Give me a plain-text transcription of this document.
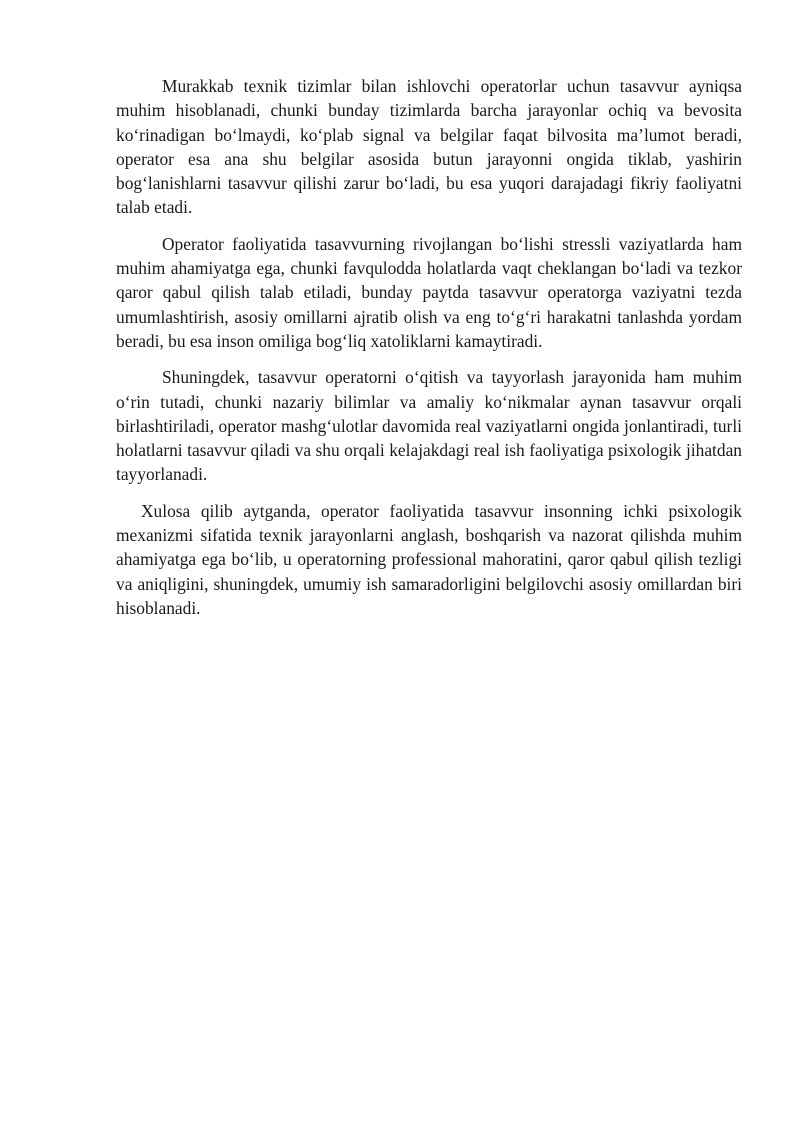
Murakkab texnik tizimlar bilan ishlovchi operatorlar uchun tasavvur ayniqsa muhim hisoblanadi, chunki bunday tizimlarda barcha jarayonlar ochiq va bevosita koʻrinadigan boʻlmaydi, koʻplab signal va belgilar faqat bilvosita maʼlumot beradi, operator esa ana shu belgilar asosida butun jarayonni ongida tiklab, yashirin bogʻlanishlarni tasavvur qilishi zarur boʻladi, bu esa yuqori darajadagi fikriy faoliyatni talab etadi.

Operator faoliyatida tasavvurning rivojlangan boʻlishi stressli vaziyatlarda ham muhim ahamiyatga ega, chunki favqulodda holatlarda vaqt cheklangan boʻladi va tezkor qaror qabul qilish talab etiladi, bunday paytda tasavvur operatorga vaziyatni tezda umumlashtirish, asosiy omillarni ajratib olish va eng toʻgʻri harakatni tanlashda yordam beradi, bu esa inson omiliga bogʻliq xatoliklarni kamaytiradi.

Shuningdek, tasavvur operatorni oʻqitish va tayyorlash jarayonida ham muhim oʻrin tutadi, chunki nazariy bilimlar va amaliy koʻnikmalar aynan tasavvur orqali birlashtiriladi, operator mashgʻulotlar davomida real vaziyatlarni ongida jonlantiradi, turli holatlarni tasavvur qiladi va shu orqali kelajakdagi real ish faoliyatiga psixologik jihatdan tayyorlanadi.

Xulosa qilib aytganda, operator faoliyatida tasavvur insonning ichki psixologik mexanizmi sifatida texnik jarayonlarni anglash, boshqarish va nazorat qilishda muhim ahamiyatga ega boʻlib, u operatorning professional mahoratini, qaror qabul qilish tezligi va aniqligini, shuningdek, umumiy ish samaradorligini belgilovchi asosiy omillardan biri hisoblanadi.
